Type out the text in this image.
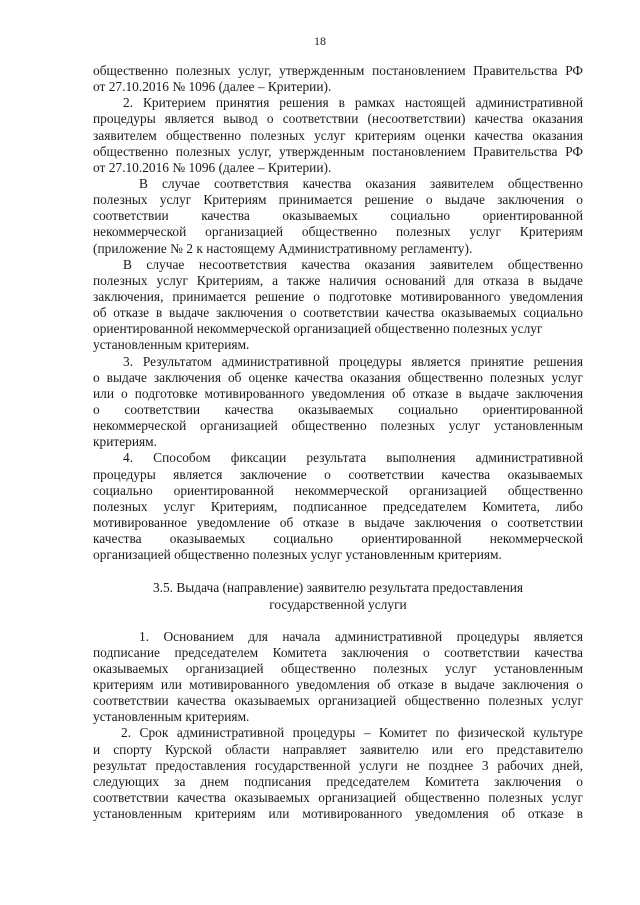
18
общественно полезных услуг, утвержденным постановлением Правительства РФ
от 27.10.2016 № 1096 (далее – Критерии).
2. Критерием принятия решения в рамках настоящей административной
процедуры является вывод о соответствии (несоответствии) качества оказания
заявителем общественно полезных услуг критериям оценки качества оказания
общественно полезных услуг, утвержденным постановлением Правительства РФ
от 27.10.2016 № 1096 (далее – Критерии).
В случае соответствия качества оказания заявителем общественно
полезных услуг Критериям принимается решение о выдаче заключения о
соответствии качества оказываемых социально ориентированной
некоммерческой организацией общественно полезных услуг Критериям
(приложение № 2 к настоящему Административному регламенту).
В случае несоответствия качества оказания заявителем общественно
полезных услуг Критериям, а также наличия оснований для отказа в выдаче
заключения, принимается решение о подготовке мотивированного уведомления
об отказе в выдаче заключения о соответствии качества оказываемых социально
ориентированной некоммерческой организацией общественно полезных услуг
установленным критериям.
3. Результатом административной процедуры является принятие решения
о выдаче заключения об оценке качества оказания общественно полезных услуг
или о подготовке мотивированного уведомления об отказе в выдаче заключения
о соответствии качества оказываемых социально ориентированной
некоммерческой организацией общественно полезных услуг установленным
критериям.
4. Способом фиксации результата выполнения административной
процедуры является заключение о соответствии качества оказываемых
социально ориентированной некоммерческой организацией общественно
полезных услуг Критериям, подписанное председателем Комитета, либо
мотивированное уведомление об отказе в выдаче заключения о соответствии
качества оказываемых социально ориентированной некоммерческой
организацией общественно полезных услуг установленным критериям.
3.5. Выдача (направление) заявителю результата предоставления
государственной услуги
1. Основанием для начала административной процедуры является
подписание председателем Комитета заключения о соответствии качества
оказываемых организацией общественно полезных услуг установленным
критериям или мотивированного уведомления об отказе в выдаче заключения о
соответствии качества оказываемых организацией общественно полезных услуг
установленным критериям.
2. Срок административной процедуры – Комитет по физической культуре
и спорту Курской области направляет заявителю или его представителю
результат предоставления государственной услуги не позднее 3 рабочих дней,
следующих за днем подписания председателем Комитета заключения о
соответствии качества оказываемых организацией общественно полезных услуг
установленным критериям или мотивированного уведомления об отказе в
